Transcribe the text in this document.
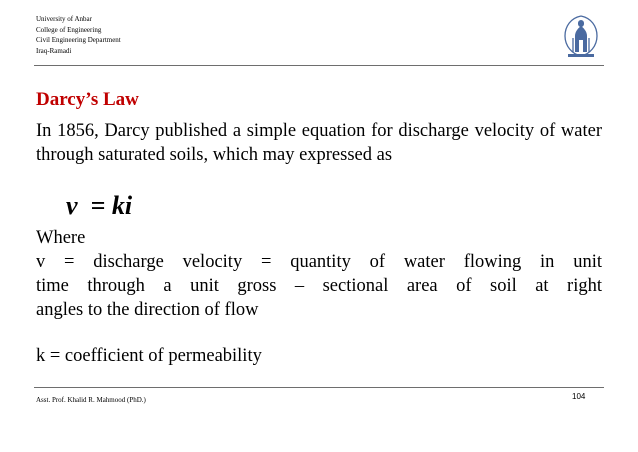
University of Anbar
College of Engineering
Civil Engineering Department
Iraq-Ramadi
Darcy’s Law
In 1856, Darcy published a simple equation for discharge velocity of water through saturated soils, which may expressed as
v  = ki
Where
v = discharge velocity = quantity of water flowing in unit
time through a unit gross – sectional area of soil at right
angles to the direction of flow
k = coefficient of permeability
Asst. Prof. Khalid R. Mahmood (PhD.)	104
